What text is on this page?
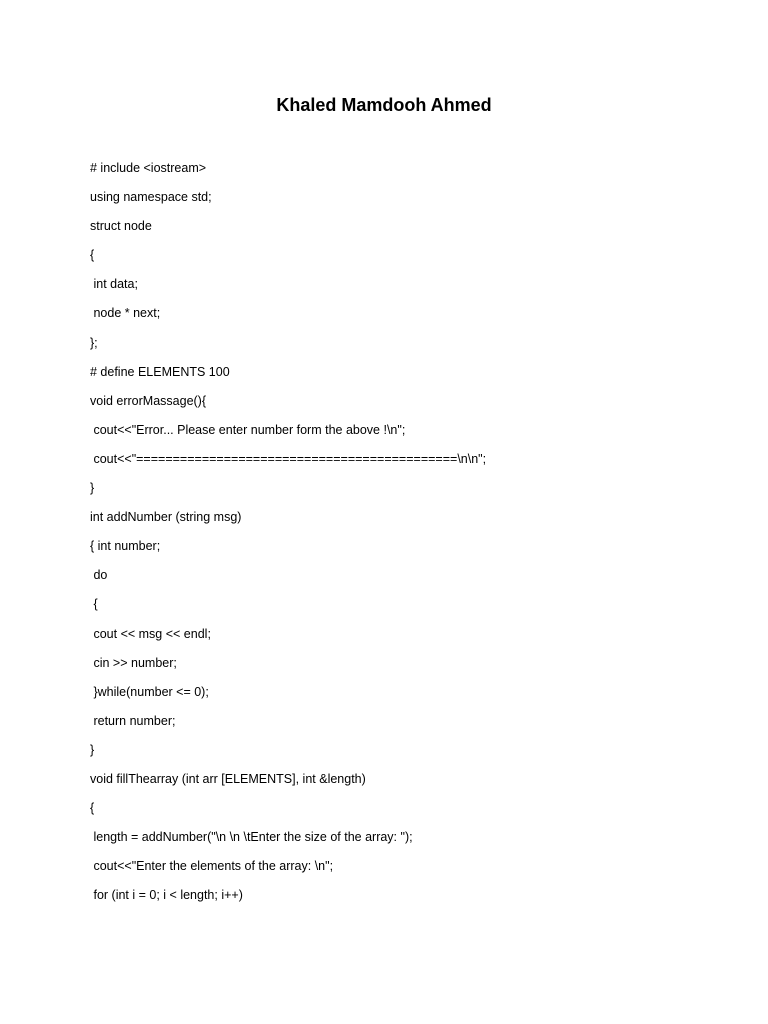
Khaled Mamdooh Ahmed
# include <iostream>
using namespace std;
struct node
{
int data;
node * next;
};
# define ELEMENTS 100
void errorMassage(){
cout<<"Error... Please enter number form the above !\n";
cout<<"============================================\n\n";
}
int addNumber (string msg)
{ int number;
do
{
cout << msg << endl;
cin >> number;
}while(number <= 0);
return number;
}
void fillThearray (int arr [ELEMENTS], int &length)
{
length = addNumber("\n \n \tEnter the size of the array: ");
cout<<"Enter the elements of the array: \n";
for (int i = 0; i < length; i++)
